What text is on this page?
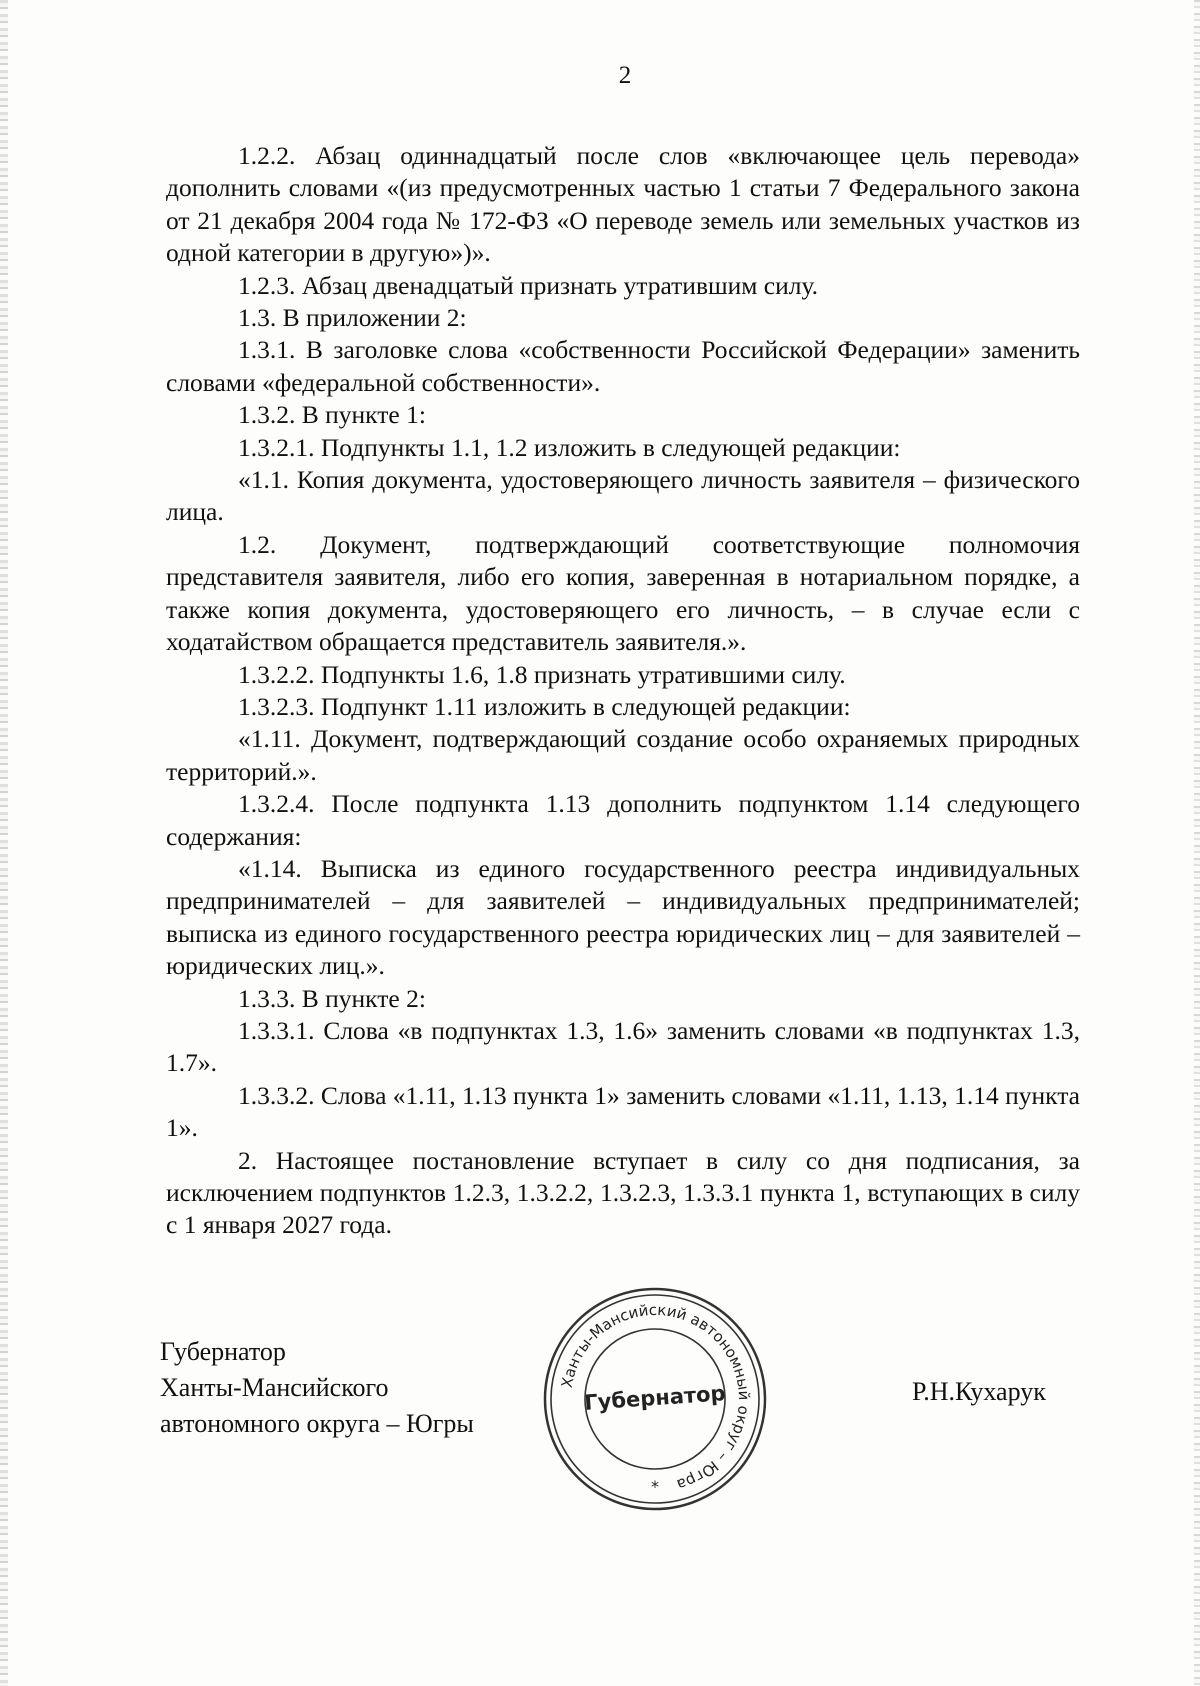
2

1.2.2. Абзац одиннадцатый после слов «включающее цель перевода» дополнить словами «(из предусмотренных частью 1 статьи 7 Федерального закона от 21 декабря 2004 года № 172-ФЗ «О переводе земель или земельных участков из одной категории в другую»)».

1.2.3. Абзац двенадцатый признать утратившим силу.

1.3. В приложении 2:

1.3.1. В заголовке слова «собственности Российской Федерации» заменить словами «федеральной собственности».

1.3.2. В пункте 1:

1.3.2.1. Подпункты 1.1, 1.2 изложить в следующей редакции:

«1.1. Копия документа, удостоверяющего личность заявителя – физического лица.

1.2. Документ, подтверждающий соответствующие полномочия представителя заявителя, либо его копия, заверенная в нотариальном порядке, а также копия документа, удостоверяющего его личность, – в случае если с ходатайством обращается представитель заявителя.».

1.3.2.2. Подпункты 1.6, 1.8 признать утратившими силу.

1.3.2.3. Подпункт 1.11 изложить в следующей редакции:

«1.11. Документ, подтверждающий создание особо охраняемых природных территорий.».

1.3.2.4. После подпункта 1.13 дополнить подпунктом 1.14 следующего содержания:

«1.14. Выписка из единого государственного реестра индивидуальных предпринимателей – для заявителей – индивидуальных предпринимателей; выписка из единого государственного реестра юридических лиц – для заявителей – юридических лиц.».

1.3.3. В пункте 2:

1.3.3.1. Слова «в подпунктах 1.3, 1.6» заменить словами «в подпунктах 1.3, 1.7».

1.3.3.2. Слова «1.11, 1.13 пункта 1» заменить словами «1.11, 1.13, 1.14 пункта 1».

2. Настоящее постановление вступает в силу со дня подписания, за исключением подпунктов 1.2.3, 1.3.2.2, 1.3.2.3, 1.3.3.1 пункта 1, вступающих в силу с 1 января 2027 года.

Губернатор
Ханты-Мансийского
автономного округа – Югры
Ханты-Мансийский автономный округ – Югра
Губернатор
*
Р.Н.Кухарук
